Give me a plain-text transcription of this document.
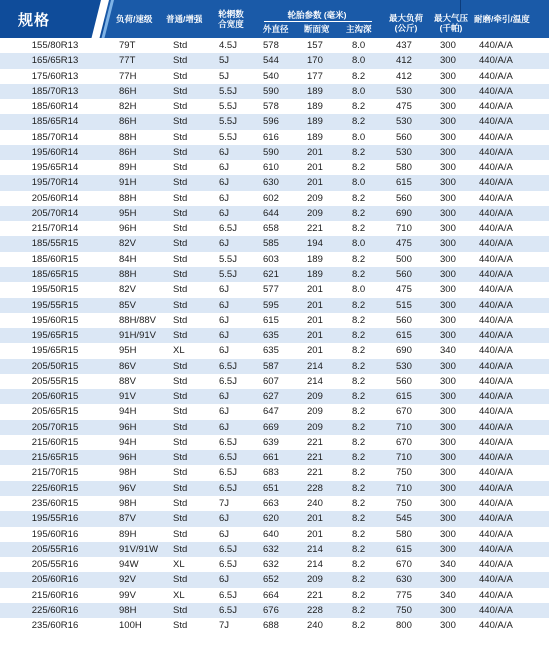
规格	负荷/速级 普通/增强 轮辋数
合宽度
轮胎参数 (毫米)
外直径 断面宽 主沟深
最大负荷
(公斤)
最大气压
(千帕)
耐磨/牵引/温度
155/80R13	79T	Std	4.5J	578	157	8.0	437	300	440/A/A
165/65R13	77T	Std	5J	544	170	8.0	412	300	440/A/A
175/60R13	77H	Std	5J	540	177	8.2	412	300	440/A/A
185/70R13	86H	Std	5.5J	590	189	8.0	530	300	440/A/A
185/60R14	82H	Std	5.5J	578	189	8.2	475	300	440/A/A
185/65R14	86H	Std	5.5J	596	189	8.2	530	300	440/A/A
185/70R14	88H	Std	5.5J	616	189	8.0	560	300	440/A/A
195/60R14	86H	Std	6J	590	201	8.2	530	300	440/A/A
195/65R14	89H	Std	6J	610	201	8.2	580	300	440/A/A
195/70R14	91H	Std	6J	630	201	8.0	615	300	440/A/A
205/60R14	88H	Std	6J	602	209	8.2	560	300	440/A/A
205/70R14	95H	Std	6J	644	209	8.2	690	300	440/A/A
215/70R14	96H	Std	6.5J	658	221	8.2	710	300	440/A/A
185/55R15	82V	Std	6J	585	194	8.0	475	300	440/A/A
185/60R15	84H	Std	5.5J	603	189	8.2	500	300	440/A/A
185/65R15	88H	Std	5.5J	621	189	8.2	560	300	440/A/A
195/50R15	82V	Std	6J	577	201	8.0	475	300	440/A/A
195/55R15	85V	Std	6J	595	201	8.2	515	300	440/A/A
195/60R15	88H/88V Std	6J	615	201	8.2	560	300	440/A/A
195/65R15	91H/91V Std	6J	635	201	8.2	615	300	440/A/A
195/65R15	95H	XL	6J	635	201	8.2	690	340	440/A/A
205/50R15	86V	Std	6.5J	587	214	8.2	530	300	440/A/A
205/55R15	88V	Std	6.5J	607	214	8.2	560	300	440/A/A
205/60R15	91V	Std	6J	627	209	8.2	615	300	440/A/A
205/65R15	94H	Std	6J	647	209	8.2	670	300	440/A/A
205/70R15	96H	Std	6J	669	209	8.2	710	300	440/A/A
215/60R15	94H	Std	6.5J	639	221	8.2	670	300	440/A/A
215/65R15	96H	Std	6.5J	661	221	8.2	710	300	440/A/A
215/70R15	98H	Std	6.5J	683	221	8.2	750	300	440/A/A
225/60R15	96V	Std	6.5J	651	228	8.2	710	300	440/A/A
235/60R15	98H	Std	7J	663	240	8.2	750	300	440/A/A
195/55R16	87V	Std	6J	620	201	8.2	545	300	440/A/A
195/60R16	89H	Std	6J	640	201	8.2	580	300	440/A/A
205/55R16	91V/91W Std	6.5J	632	214	8.2	615	300	440/A/A
205/55R16	94W	XL	6.5J	632	214	8.2	670	340	440/A/A
205/60R16	92V	Std	6J	652	209	8.2	630	300	440/A/A
215/60R16	99V	XL	6.5J	664	221	8.2	775	340	440/A/A
225/60R16	98H	Std	6.5J	676	228	8.2	750	300	440/A/A
235/60R16	100H	Std	7J	688	240	8.2	800	300	440/A/A
